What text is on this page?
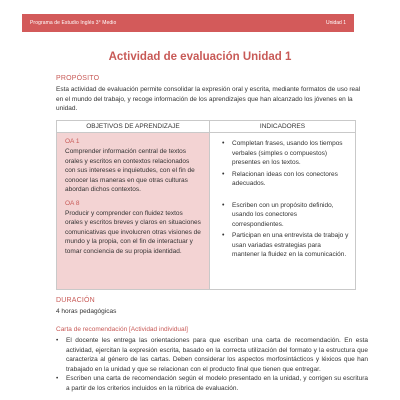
Programa de Estudio Inglés 3° Medio	Unidad 1
Actividad de evaluación Unidad 1
PROPÓSITO
Esta actividad de evaluación permite consolidar la expresión oral y escrita, mediante formatos de uso real en el mundo del trabajo, y recoge información de los aprendizajes que han alcanzado los jóvenes en la unidad.
OBJETIVOS DE APRENDIZAJE	INDICADORES
OA 1
Comprender información central de textos orales y escritos en contextos relacionados con sus intereses e inquietudes, con el fin de conocer las maneras en que otras culturas abordan dichos contextos.
OA 8
Producir y comprender con fluidez textos orales y escritos breves y claros en situaciones comunicativas que involucren otras visiones de mundo y la propia, con el fin de interactuar y tomar conciencia de su propia identidad.
• Completan frases, usando los tiempos verbales (simples o compuestos) presentes en los textos.
• Relacionan ideas con los conectores adecuados.
• Escriben con un propósito definido, usando los conectores correspondientes.
• Participan en una entrevista de trabajo y usan variadas estrategias para mantener la fluidez en la comunicación.
DURACIÓN
4 horas pedagógicas
Carta de recomendación [Actividad individual]
• El docente les entrega las orientaciones para que escriban una carta de recomendación. En esta actividad, ejercitan la expresión escrita, basado en la correcta utilización del formato y la estructura que caracteriza al género de las cartas. Deben considerar los aspectos morfosintácticos y léxicos que han trabajado en la unidad y que se relacionan con el producto final que tienen que entregar.
• Escriben una carta de recomendación según el modelo presentado en la unidad, y corrigen su escritura a partir de los criterios incluidos en la rúbrica de evaluación.
